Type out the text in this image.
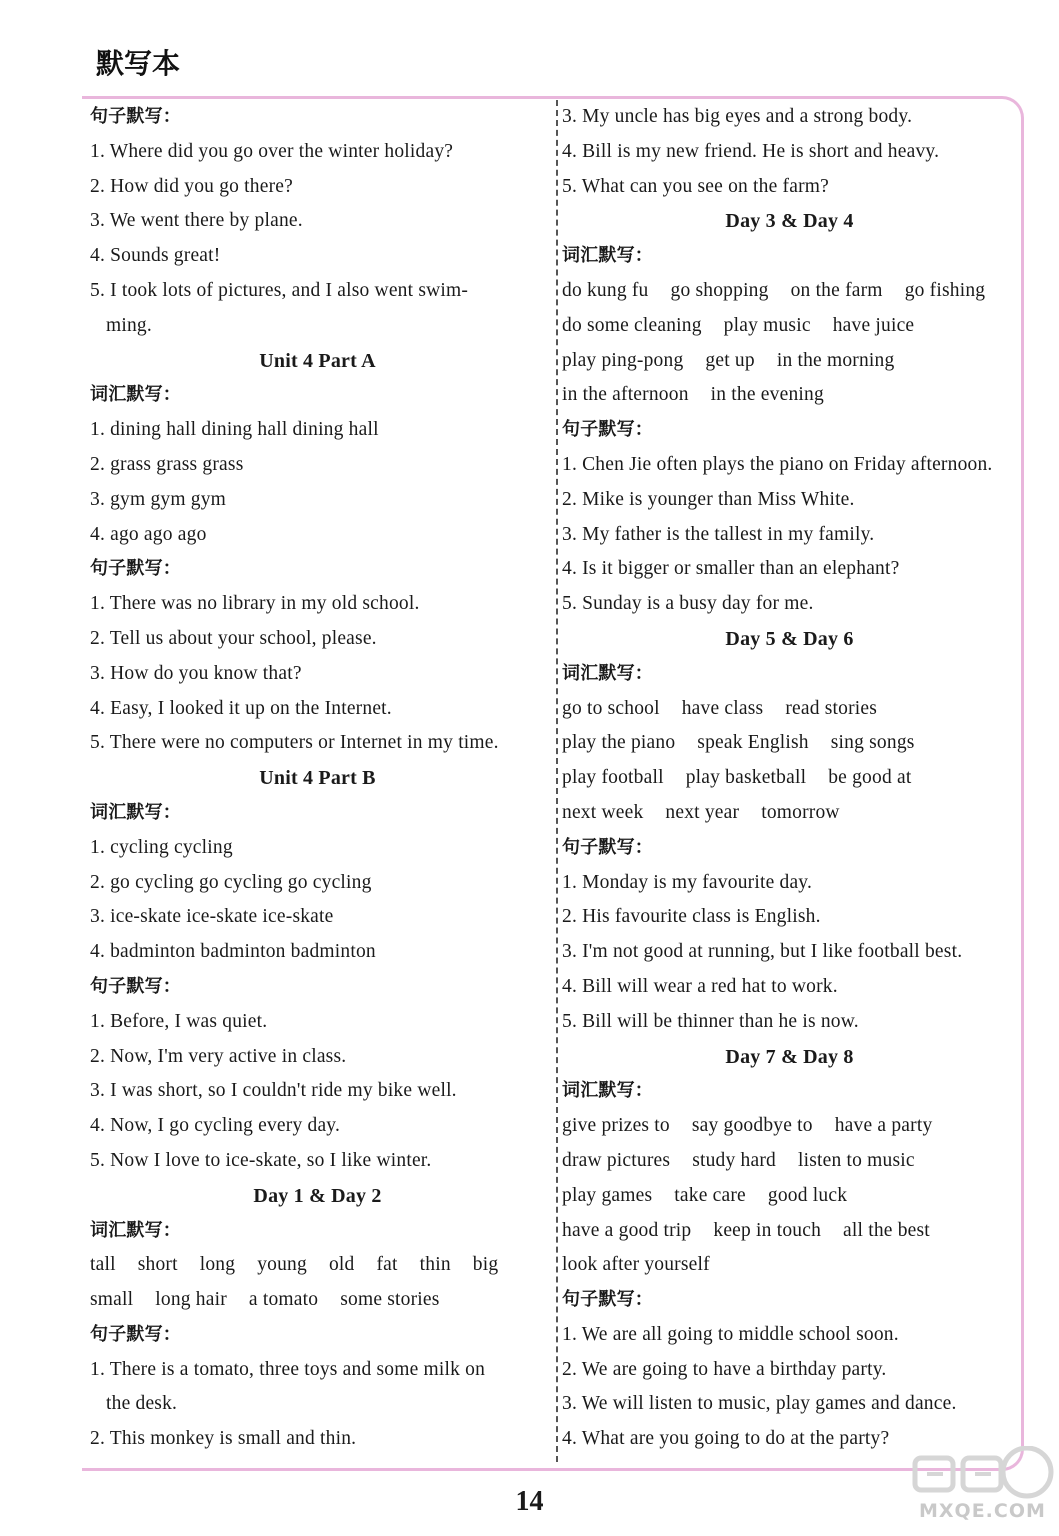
默写本
句子默写：
1. Where did you go over the winter holiday?
2. How did you go there?
3. We went there by plane.
4. Sounds great!
5. I took lots of pictures, and I also went swim-
ming.
Unit 4 Part A
词汇默写：
1. dining hall dining hall dining hall
2. grass grass grass
3. gym gym gym
4. ago ago ago
句子默写：
1. There was no library in my old school.
2. Tell us about your school, please.
3. How do you know that?
4. Easy, I looked it up on the Internet.
5. There were no computers or Internet in my time.
Unit 4 Part B
词汇默写：
1. cycling cycling
2. go cycling go cycling go cycling
3. ice-skate ice-skate ice-skate
4. badminton badminton badminton
句子默写：
1. Before, I was quiet.
2. Now, I'm very active in class.
3. I was short, so I couldn't ride my bike well.
4. Now, I go cycling every day.
5. Now I love to ice-skate, so I like winter.
Day 1 & Day 2
词汇默写：
tall short long young old fat thin big
small long hair a tomato some stories
句子默写：
1. There is a tomato, three toys and some milk on
the desk.
2. This monkey is small and thin.
3. My uncle has big eyes and a strong body.
4. Bill is my new friend. He is short and heavy.
5. What can you see on the farm?
Day 3 & Day 4
词汇默写：
do kung fu go shopping on the farm go fishing
do some cleaning play music have juice
play ping-pong get up in the morning
in the afternoon in the evening
句子默写：
1. Chen Jie often plays the piano on Friday afternoon.
2. Mike is younger than Miss White.
3. My father is the tallest in my family.
4. Is it bigger or smaller than an elephant?
5. Sunday is a busy day for me.
Day 5 & Day 6
词汇默写：
go to school have class read stories
play the piano speak English sing songs
play football play basketball be good at
next week next year tomorrow
句子默写：
1. Monday is my favourite day.
2. His favourite class is English.
3. I'm not good at running, but I like football best.
4. Bill will wear a red hat to work.
5. Bill will be thinner than he is now.
Day 7 & Day 8
词汇默写：
give prizes to say goodbye to have a party
draw pictures study hard listen to music
play games take care good luck
have a good trip keep in touch all the best
look after yourself
句子默写：
1. We are all going to middle school soon.
2. We are going to have a birthday party.
3. We will listen to music, play games and dance.
4. What are you going to do at the party?
14	MXQE.COM
